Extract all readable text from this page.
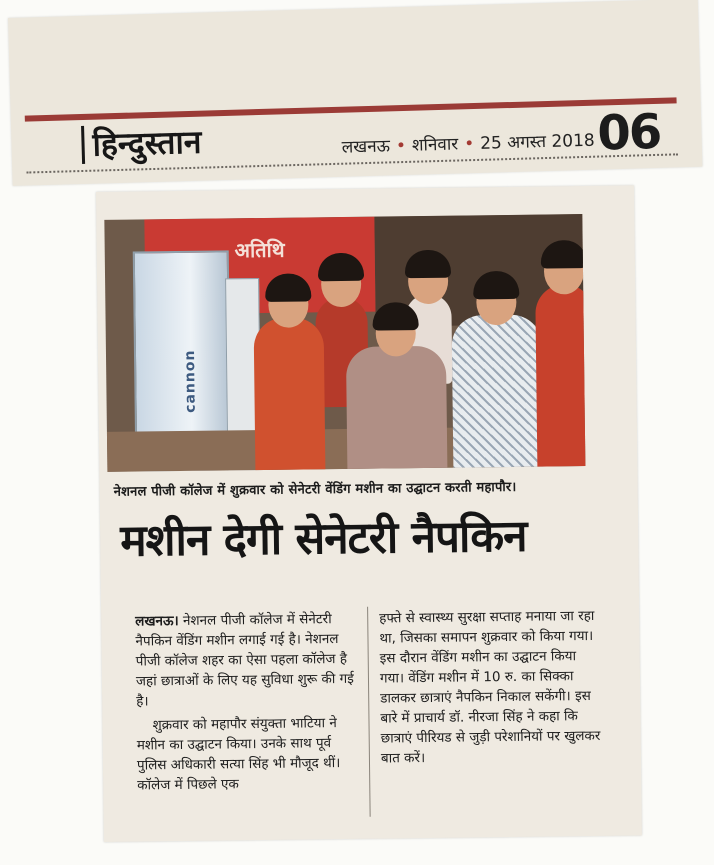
हिन्दुस्तान	लखनऊ • शनिवार • 25 अगस्त 2018 06
अतिथि
cannon
नेशनल पीजी कॉलेज में शुक्रवार को सेनेटरी वेंडिंग मशीन का उद्घाटन करती महापौर।
मशीन देगी सेनेटरी नैपकिन

लखनऊ। नेशनल पीजी कॉलेज में सेनेटरी नैपकिन वेंडिंग मशीन लगाई गई है। नेशनल पीजी कॉलेज शहर का ऐसा पहला कॉलेज है जहां छात्राओं के लिए यह सुविधा शुरू की गई है।

शुक्रवार को महापौर संयुक्ता भाटिया ने मशीन का उद्घाटन किया। उनके साथ पूर्व पुलिस अधिकारी सत्या सिंह भी मौजूद थीं। कॉलेज में पिछले एक

हफ्ते से स्वास्थ्य सुरक्षा सप्ताह मनाया जा रहा था, जिसका समापन शुक्रवार को किया गया। इस दौरान वेंडिंग मशीन का उद्घाटन किया गया। वेंडिंग मशीन में 10 रु. का सिक्का डालकर छात्राएं नैपकिन निकाल सकेंगी। इस बारे में प्राचार्य डॉ. नीरजा सिंह ने कहा कि छात्राएं पीरियड से जुड़ी परेशानियों पर खुलकर बात करें।
